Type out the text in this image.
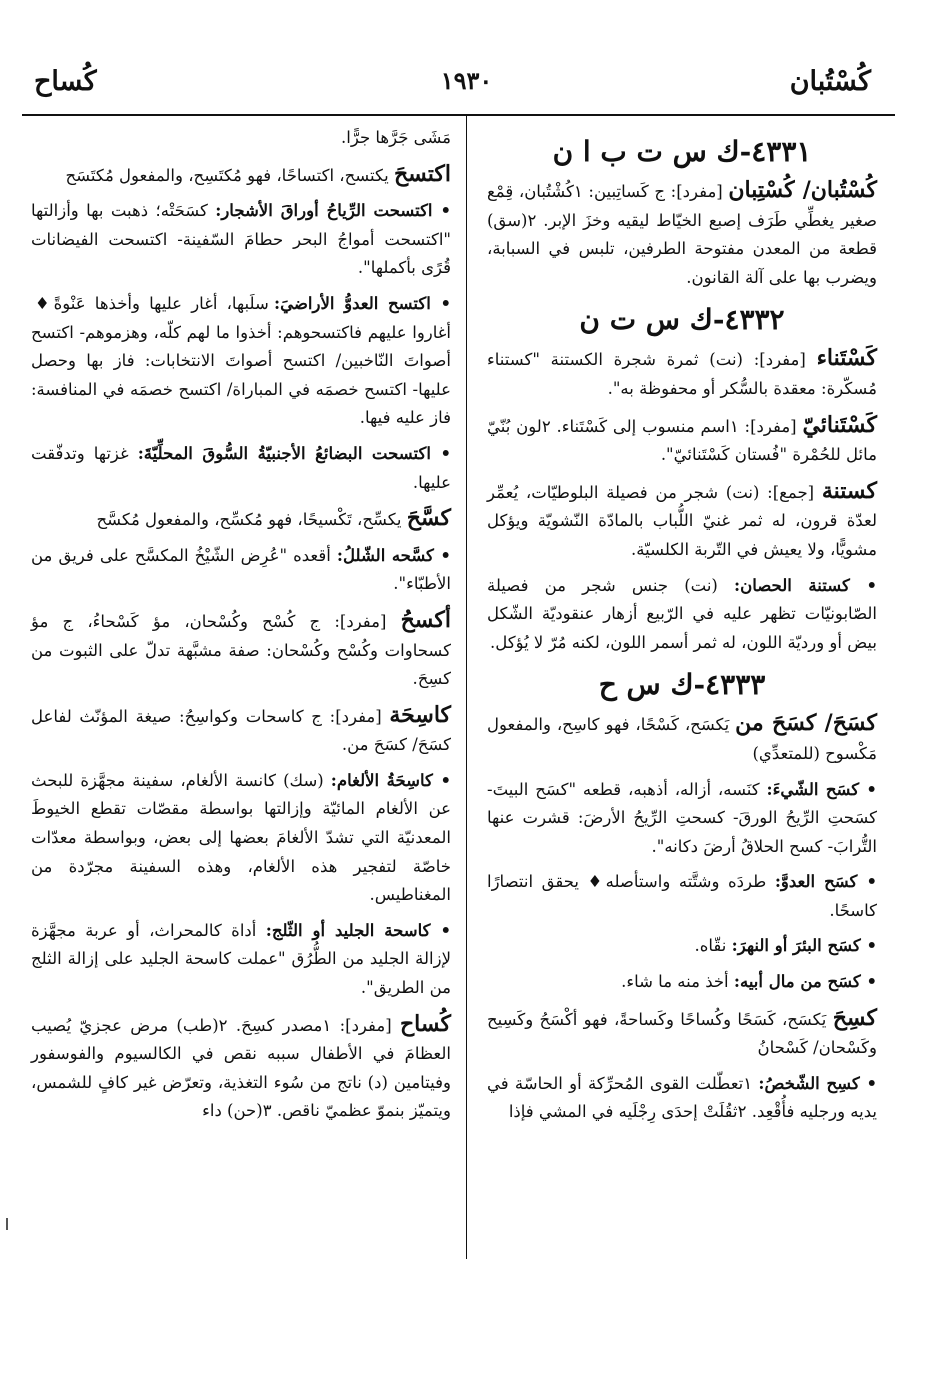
كُسْتُبان
١٩٣٠
كُساح
٤٣٣١-ك س ت ب ا ن

كُسْتُبان/ كُسْتِبان [مفرد]: ج كَساتِبين: ١كُشْتُبان، قِمْع صغير يغطِّي طَرَف إصبع الخيّاط ليقيه وخزَ الإبر. ٢(سق) قطعة من المعدن مفتوحة الطرفين، تلبس في السبابة، ويضرب بها على آلة القانون.

٤٣٣٢-ك س ت ن

كَسْتَناء [مفرد]: (نت) ثمرة شجرة الكستنة "كستناء مُسكّرة: معقدة بالسُّكر أو محفوظة به".

كَسْتَنائيّ [مفرد]: ١اسم منسوب إلى كَسْتَناء. ٢لون بُنّيّ مائل للحُمْرة "فُستان كَسْتَنائيّ".

كستنة [جمع]: (نت) شجر من فصيلة البلوطيّات، يُعمِّر لعدّة قرون، له ثمر غنيّ اللُّباب بالمادّة النّشويّة ويؤكل مشويًّا، ولا يعيش في التّربة الكلسيّة.

• كستنة الحصان: (نت) جنس شجر من فصيلة الصّابونيّات تظهر عليه في الرّبيع أزهار عنقوديّة الشّكل بيض أو ورديّة اللون، له ثمر أسمر اللون، لكنه مُرّ لا يُؤكل.

٤٣٣٣-ك س ح

كسَحَ/ كسَحَ من يَكسَح، كَسْحًا، فهو كاسِح، والمفعول مَكْسوح (للمتعدِّي)

• كسَح الشّيءَ: كنَسه، أزاله، أذهبه، قطعه "كسَح البيتَ- كسَحتِ الرِّيحُ الورقَ- كسحتِ الرِّيحُ الأرضَ: قشرت عنها التُّرابَ- كسح الحلاقُ أرضَ دكانه".

• كسَح العدوَّ: طردَه وشتَّته واستأصله♦ يحقق انتصارًا كاسحًا.

• كسَح البئرَ أو النهرَ: نقّاه.

• كسَح من مال أبيه: أخذ منه ما شاء.

كسِحَ يَكسَح، كَسَحًا وكُساحًا وكَساحةً، فهو أكْسَحُ وكَسِيح وكَسْحان/ كَسْحانُ

• كسِح الشّخصُ: ١تعطّلت القوى المُحرِّكة أو الحاسّة في يديه ورجليه فأُقْعِد. ٢ثقُلَتْ إحدَى رِجْلَيه في المشي فإذا

مَشَى جَرَّها جرًّا.

اكتسحَ يكتسح، اكتساحًا، فهو مُكتَسِح، والمفعول مُكتَسَح

• اكتسحت الرِّياحُ أوراقَ الأشجار: كسَحَتْه؛ ذهبت بها وأزالتها "اكتسحت أمواجُ البحر حطامَ السّفينة- اكتسحت الفيضانات قُرًى بأكملها".

• اكتسح العدوُّ الأراضيَ: سلَبها، أغار عليها وأخذها عَنْوةً♦ أغاروا عليهم فاكتسحوهم: أخذوا ما لهم كلّه، وهزموهم- اكتسح أصواتَ النّاخبين/ اكتسح أصواتَ الانتخابات: فاز بها وحصل عليها- اكتسح خصمَه في المباراة/ اكتسح خصمَه في المنافسة: فاز عليه فيها.

• اكتسحت البضائعُ الأجنبيّةُ السُّوقَ المحلِّيّةَ: غزتها وتدفّقت عليها.

كسَّحَ يكسِّح، تَكْسيحًا، فهو مُكسِّح، والمفعول مُكسَّح

• كسَّحه الشّللُ: أقعده "عُرِض الشّيْخُ المكسَّح على فريق من الأطبّاء".

أكسحُ [مفرد]: ج كُسْح وكُسْحان، مؤ كَسْحاءُ، ج مؤ كسحاوات وكُسْح وكُسْحان: صفة مشبَّهة تدلّ على الثبوت من كسِحَ.

كاسِحَة [مفرد]: ج كاسحات وكواسِحُ: صيغة المؤنّث لفاعل كسَحَ/ كسَحَ من.

• كاسِحَةُ الألغام: (سك) كانسة الألغام، سفينة مجهَّزة للبحث عن الألغام المائيّة وإزالتها بواسطة مقصّات تقطع الخيوطَ المعدنيّة التي تشدّ الألغامَ بعضها إلى بعض، وبواسطة معدّات خاصّة لتفجير هذه الألغام، وهذه السفينة مجرّدة من المغناطيس.

• كاسحة الجليد أو الثّلج: أداة كالمحراث، أو عربة مجهَّزة لإزالة الجليد من الطُّرُق "عملت كاسحة الجليد على إزالة الثلج من الطريق".

كُساح [مفرد]: ١مصدر كسِحَ. ٢(طب) مرض عجزيّ يُصيب العظامَ في الأطفال سببه نقص في الكالسيوم والفوسفور وفيتامين (د) ناتج من سُوء التغذية، وتعرّض غير كافٍ للشمس، ويتميّز بنموّ عظميّ ناقص. ٣(حن) داء
